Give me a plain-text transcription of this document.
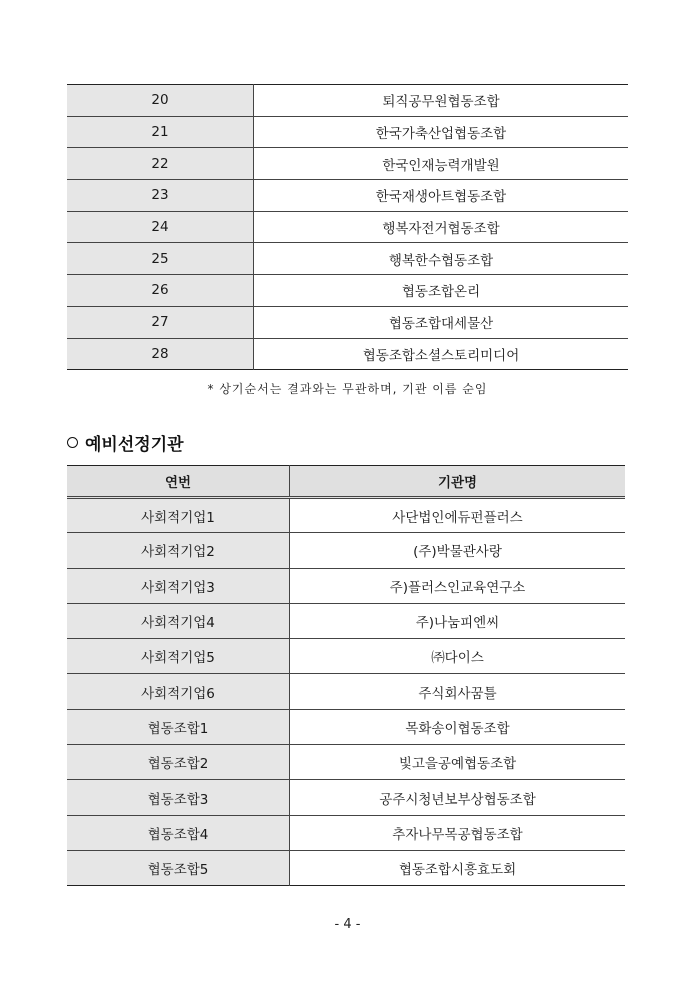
20	퇴직공무원협동조합
21	한국가축산업협동조합
22	한국인재능력개발원
23	한국재생아트협동조합
24	행복자전거협동조합
25	행복한수협동조합
26	협동조합온리
27	협동조합대세물산
28	협동조합소셜스토리미디어
* 상기순서는 결과와는 무관하며, 기관 이름 순임
예비선정기관
연번	기관명
사회적기업1	사단법인에듀펀플러스
사회적기업2	(주)박물관사랑
사회적기업3	주)플러스인교육연구소
사회적기업4	주)나눔피엔씨
사회적기업5	㈜다이스
사회적기업6	주식회사꿈틀
협동조합1	목화송이협동조합
협동조합2	빛고을공예협동조합
협동조합3	공주시청년보부상협동조합
협동조합4	추자나무목공협동조합
협동조합5	협동조합시흥효도회
- 4 -
